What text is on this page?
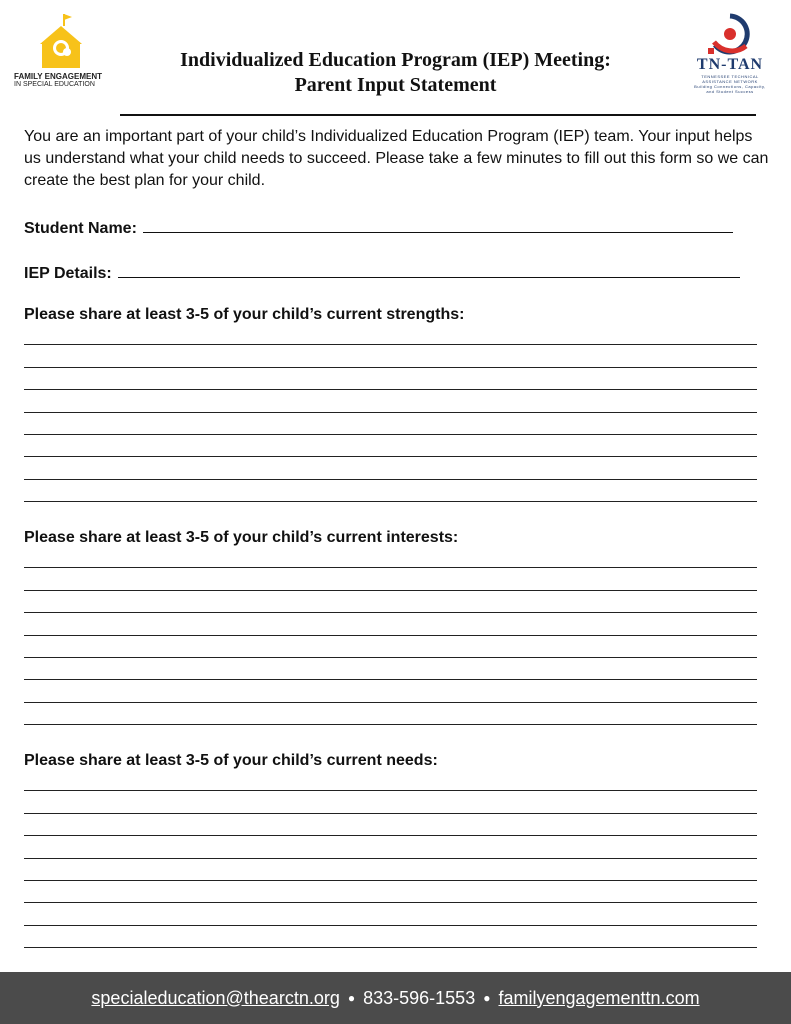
FAMILY ENGAGEMENT
IN SPECIAL EDUCATION
Individualized Education Program (IEP) Meeting:
Parent Input Statement
TN-TAN
TENNESSEE TECHNICAL ASSISTANCE NETWORK
Building Connections, Capacity, and Student Success
You are an important part of your child’s Individualized Education Program (IEP) team. Your input helps us understand what your child needs to succeed. Please take a few minutes to fill out this form so we can create the best plan for your child.
Student Name:
IEP Details:
Please share at least 3-5 of your child’s current strengths:
Please share at least 3-5 of your child’s current interests:
Please share at least 3-5 of your child’s current needs:
specialeducation@thearctn.org ● 833-596-1553 ● familyengagementtn.com
